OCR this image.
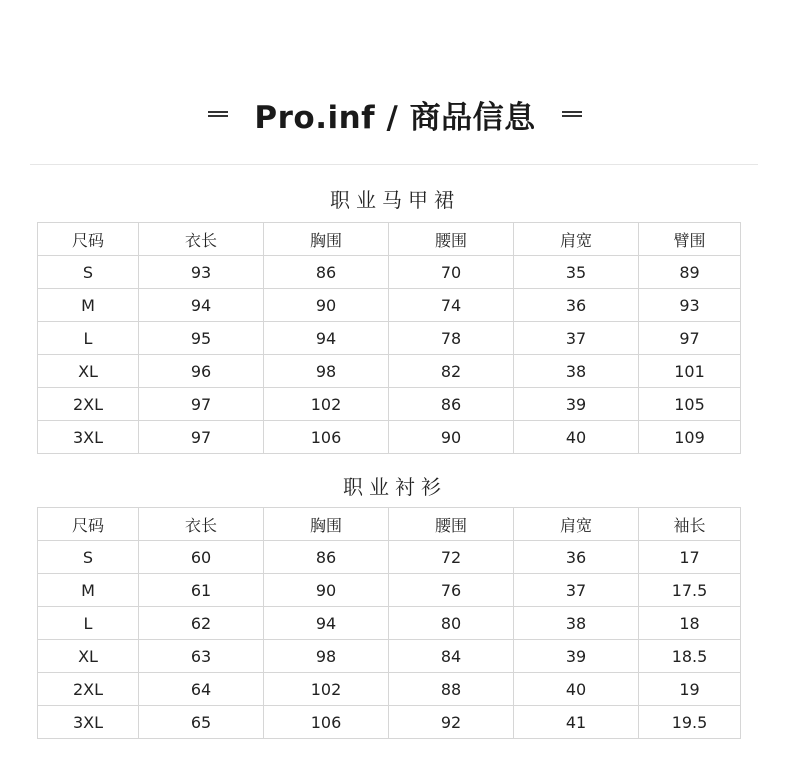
Pro.inf / 商品信息
职业马甲裙
尺码	衣长	胸围	腰围	肩宽	臂围
S	93	86	70	35	89
M	94	90	74	36	93
L	95	94	78	37	97
XL	96	98	82	38	101
2XL	97	102	86	39	105
3XL	97	106	90	40	109
职业衬衫
尺码	衣长	胸围	腰围	肩宽	袖长
S	60	86	72	36	17
M	61	90	76	37	17.5
L	62	94	80	38	18
XL	63	98	84	39	18.5
2XL	64	102	88	40	19
3XL	65	106	92	41	19.5
